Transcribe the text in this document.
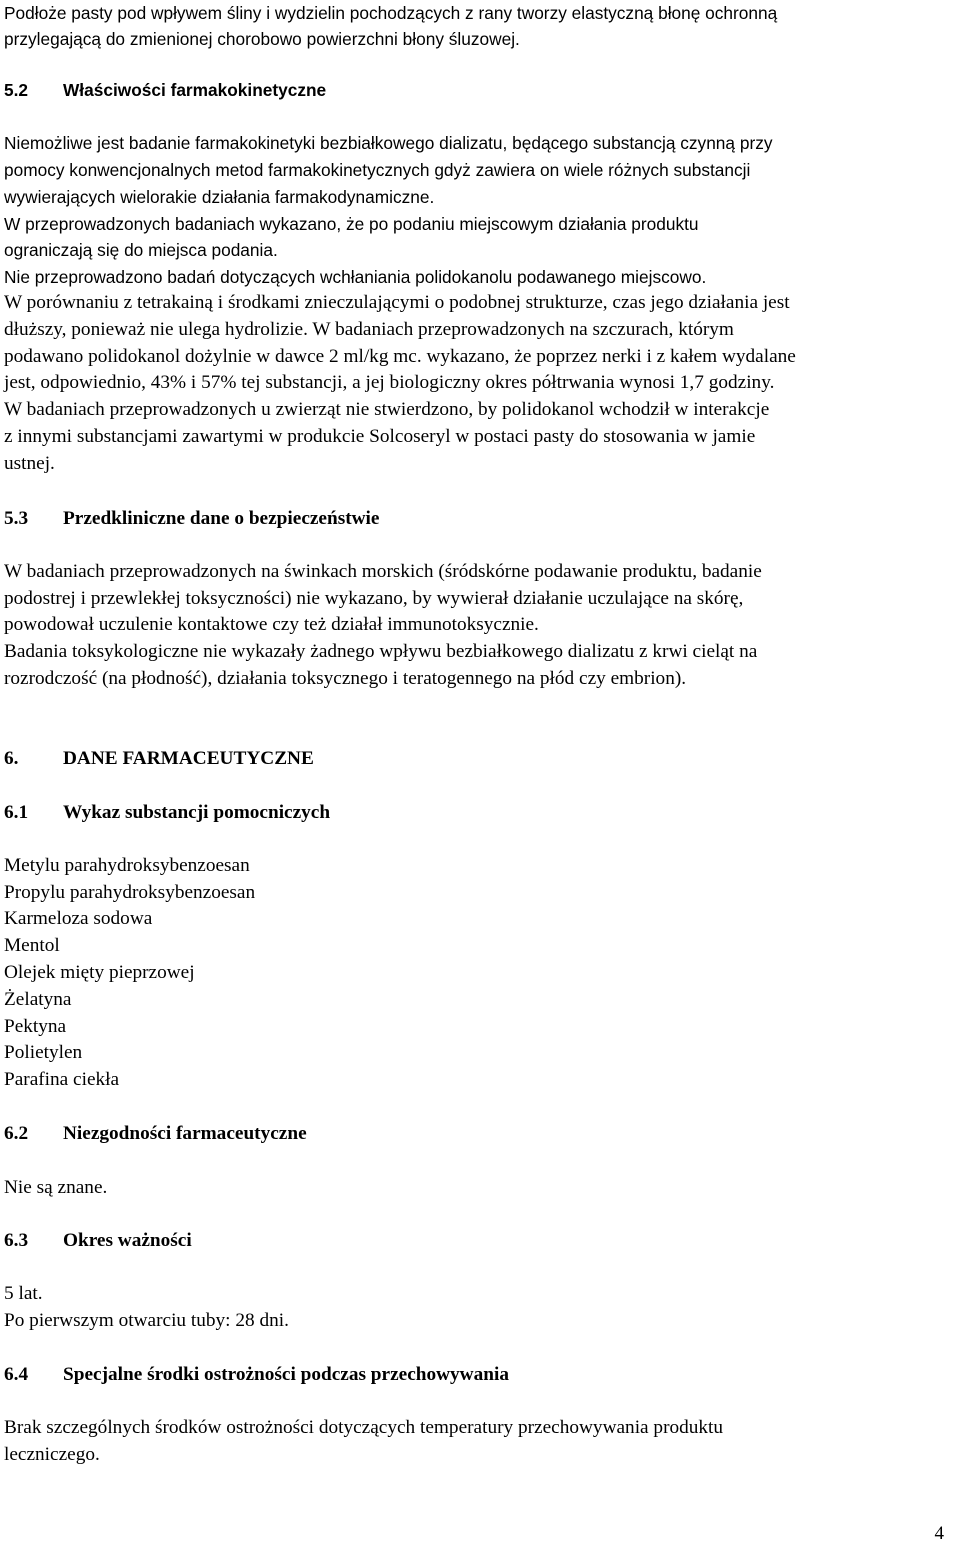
Podłoże pasty pod wpływem śliny i wydzielin pochodzących z rany tworzy elastyczną błonę ochronną
przylegającą do zmienionej chorobowo powierzchni błony śluzowej.
5.2 Właściwości farmakokinetyczne
Niemożliwe jest badanie farmakokinetyki bezbiałkowego dializatu, będącego substancją czynną przy
pomocy konwencjonalnych metod farmakokinetycznych gdyż zawiera on wiele różnych substancji
wywierających wielorakie działania farmakodynamiczne.
W przeprowadzonych badaniach wykazano, że po podaniu miejscowym działania produktu
ograniczają się do miejsca podania.
Nie przeprowadzono badań dotyczących wchłaniania polidokanolu podawanego miejscowo.
W porównaniu z tetrakainą i środkami znieczulającymi o podobnej strukturze, czas jego działania jest
dłuższy, ponieważ nie ulega hydrolizie. W badaniach przeprowadzonych na szczurach, którym
podawano polidokanol dożylnie w dawce 2 ml/kg mc. wykazano, że poprzez nerki i z kałem wydalane
jest, odpowiednio, 43% i 57% tej substancji, a jej biologiczny okres półtrwania wynosi 1,7 godziny.
W badaniach przeprowadzonych u zwierząt nie stwierdzono, by polidokanol wchodził w interakcje
z innymi substancjami zawartymi w produkcie Solcoseryl w postaci pasty do stosowania w jamie
ustnej.
5.3 Przedkliniczne dane o bezpieczeństwie
W badaniach przeprowadzonych na świnkach morskich (śródskórne podawanie produktu, badanie
podostrej i przewlekłej toksyczności) nie wykazano, by wywierał działanie uczulające na skórę,
powodował uczulenie kontaktowe czy też działał immunotoksycznie.
Badania toksykologiczne nie wykazały żadnego wpływu bezbiałkowego dializatu z krwi cieląt na
rozrodczość (na płodność), działania toksycznego i teratogennego na płód czy embrion).
6. DANE FARMACEUTYCZNE
6.1 Wykaz substancji pomocniczych
Metylu parahydroksybenzoesan
Propylu parahydroksybenzoesan
Karmeloza sodowa
Mentol
Olejek mięty pieprzowej
Żelatyna
Pektyna
Polietylen
Parafina ciekła
6.2 Niezgodności farmaceutyczne
Nie są znane.
6.3 Okres ważności
5 lat.
Po pierwszym otwarciu tuby: 28 dni.
6.4 Specjalne środki ostrożności podczas przechowywania
Brak szczególnych środków ostrożności dotyczących temperatury przechowywania produktu
leczniczego.
4
